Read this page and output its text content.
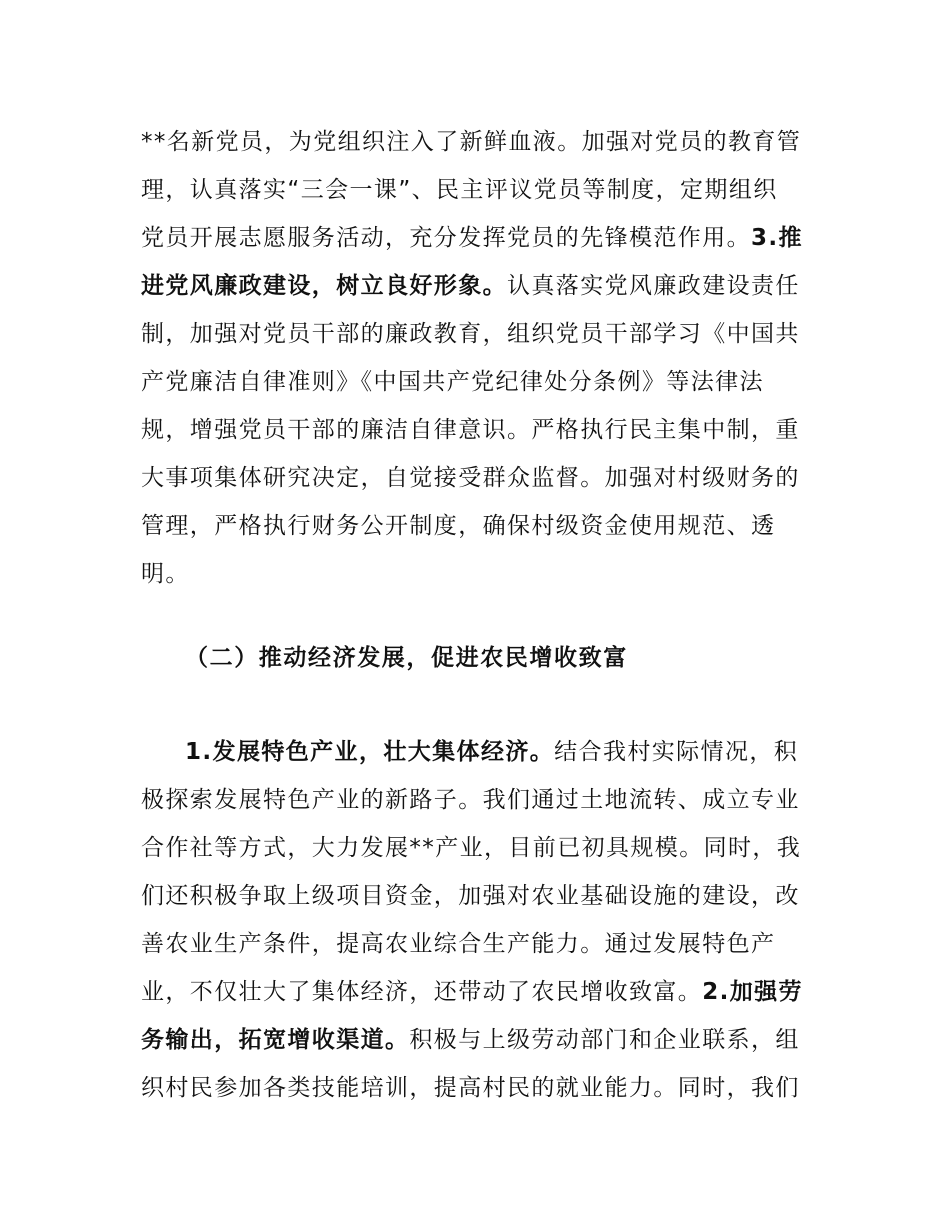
**名新党员，为党组织注入了新鲜血液。加强对党员的教育管
理，认真落实“三会一课”、民主评议党员等制度，定期组织
党员开展志愿服务活动，充分发挥党员的先锋模范作用。3.推
进党风廉政建设，树立良好形象。认真落实党风廉政建设责任
制，加强对党员干部的廉政教育，组织党员干部学习《中国共
产党廉洁自律准则》《中国共产党纪律处分条例》等法律法
规，增强党员干部的廉洁自律意识。严格执行民主集中制，重
大事项集体研究决定，自觉接受群众监督。加强对村级财务的
管理，严格执行财务公开制度，确保村级资金使用规范、透
明。
（二）推动经济发展，促进农民增收致富
1.发展特色产业，壮大集体经济。结合我村实际情况，积
极探索发展特色产业的新路子。我们通过土地流转、成立专业
合作社等方式，大力发展**产业，目前已初具规模。同时，我
们还积极争取上级项目资金，加强对农业基础设施的建设，改
善农业生产条件，提高农业综合生产能力。通过发展特色产
业，不仅壮大了集体经济，还带动了农民增收致富。2.加强劳
务输出，拓宽增收渠道。积极与上级劳动部门和企业联系，组
织村民参加各类技能培训，提高村民的就业能力。同时，我们
